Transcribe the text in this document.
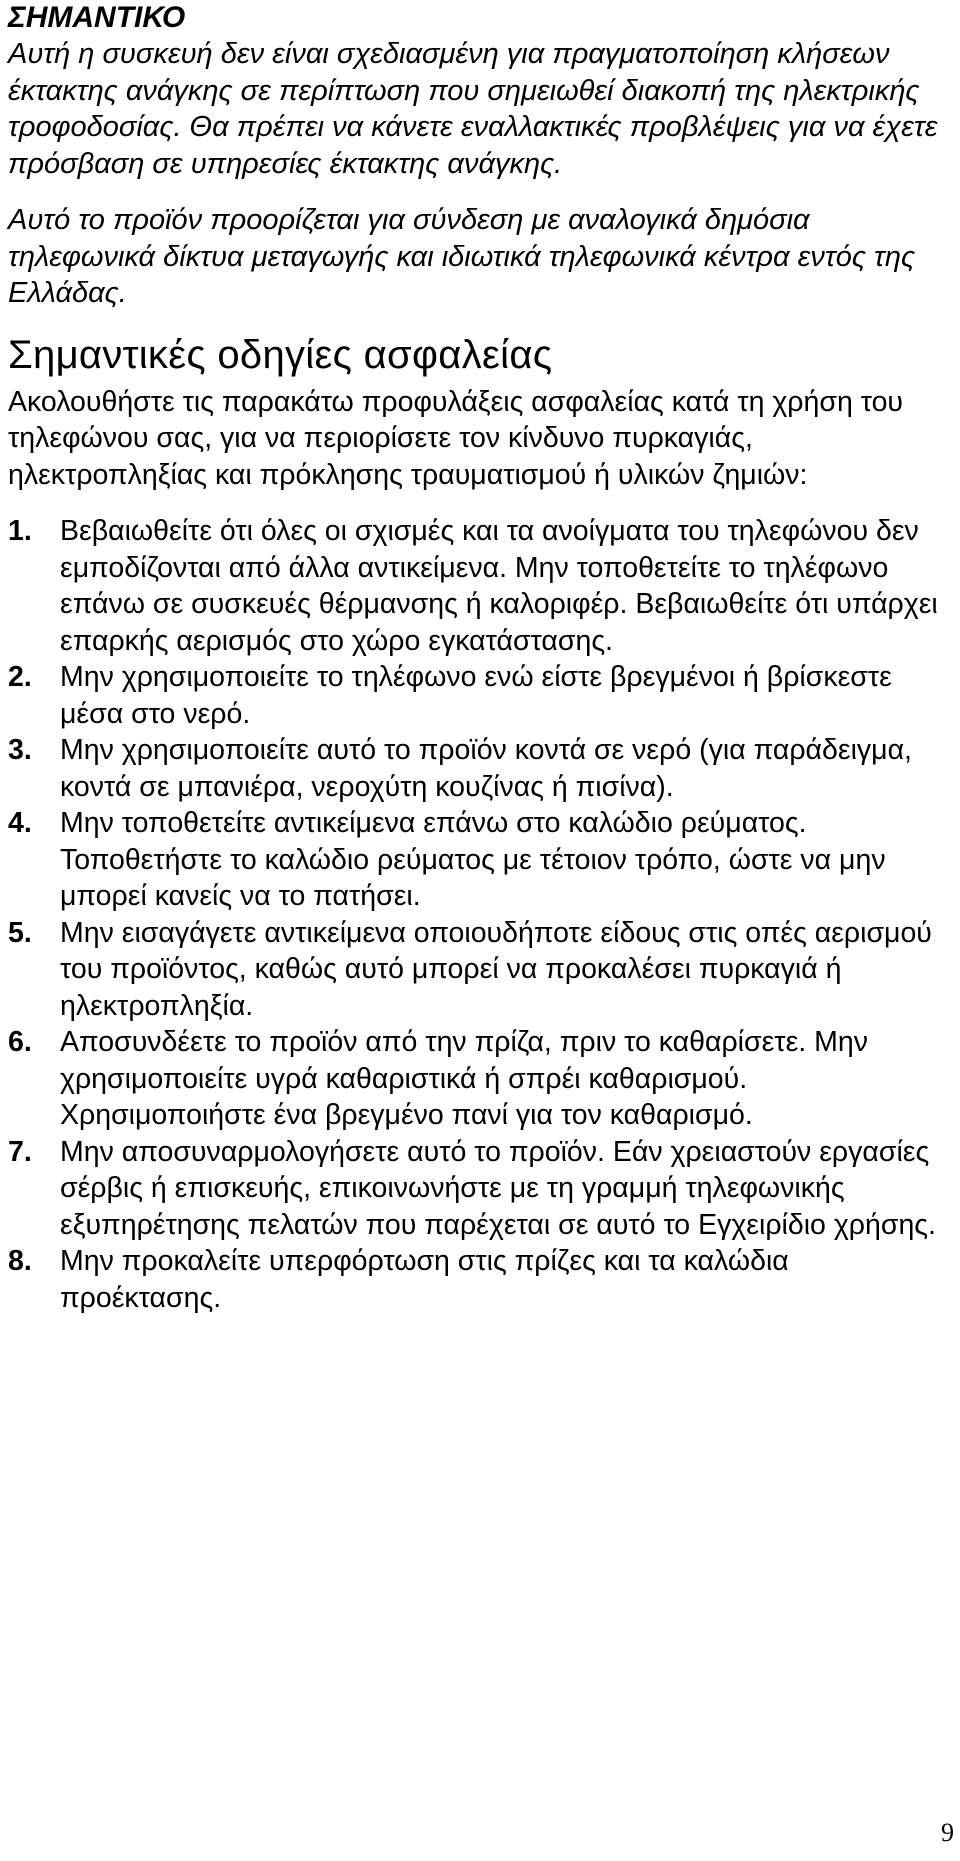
ΣΗΜΑΝΤΙΚΟ

Αυτή η συσκευή δεν είναι σχεδιασμένη για πραγματοποίηση κλήσεων έκτακτης ανάγκης σε περίπτωση που σημειωθεί διακοπή της ηλεκτρικής τροφοδοσίας. Θα πρέπει να κάνετε εναλλακτικές προβλέψεις για να έχετε πρόσβαση σε υπηρεσίες έκτακτης ανάγκης.

Αυτό το προϊόν προορίζεται για σύνδεση με αναλογικά δημόσια τηλεφωνικά δίκτυα μεταγωγής και ιδιωτικά τηλεφωνικά κέντρα εντός της Ελλάδας.

Σημαντικές οδηγίες ασφαλείας

Ακολουθήστε τις παρακάτω προφυλάξεις ασφαλείας κατά τη χρήση του τηλεφώνου σας, για να περιορίσετε τον κίνδυνο πυρκαγιάς, ηλεκτροπληξίας και πρόκλησης τραυματισμού ή υλικών ζημιών:

1. Βεβαιωθείτε ότι όλες οι σχισμές και τα ανοίγματα του τηλεφώνου δεν εμποδίζονται από άλλα αντικείμενα. Μην τοποθετείτε το τηλέφωνο επάνω σε συσκευές θέρμανσης ή καλοριφέρ. Βεβαιωθείτε ότι υπάρχει επαρκής αερισμός στο χώρο εγκατάστασης.
2. Μην χρησιμοποιείτε το τηλέφωνο ενώ είστε βρεγμένοι ή βρίσκεστε μέσα στο νερό.
3. Μην χρησιμοποιείτε αυτό το προϊόν κοντά σε νερό (για παράδειγμα, κοντά σε μπανιέρα, νεροχύτη κουζίνας ή πισίνα).
4. Μην τοποθετείτε αντικείμενα επάνω στο καλώδιο ρεύματος. Τοποθετήστε το καλώδιο ρεύματος με τέτοιον τρόπο, ώστε να μην μπορεί κανείς να το πατήσει.
5. Μην εισαγάγετε αντικείμενα οποιουδήποτε είδους στις οπές αερισμού του προϊόντος, καθώς αυτό μπορεί να προκαλέσει πυρκαγιά ή ηλεκτροπληξία.
6. Αποσυνδέετε το προϊόν από την πρίζα, πριν το καθαρίσετε. Μην χρησιμοποιείτε υγρά καθαριστικά ή σπρέι καθαρισμού. Χρησιμοποιήστε ένα βρεγμένο πανί για τον καθαρισμό.
7. Μην αποσυναρμολογήσετε αυτό το προϊόν. Εάν χρειαστούν εργασίες σέρβις ή επισκευής, επικοινωνήστε με τη γραμμή τηλεφωνικής εξυπηρέτησης πελατών που παρέχεται σε αυτό το Εγχειρίδιο χρήσης.
8. Μην προκαλείτε υπερφόρτωση στις πρίζες και τα καλώδια προέκτασης.
9
